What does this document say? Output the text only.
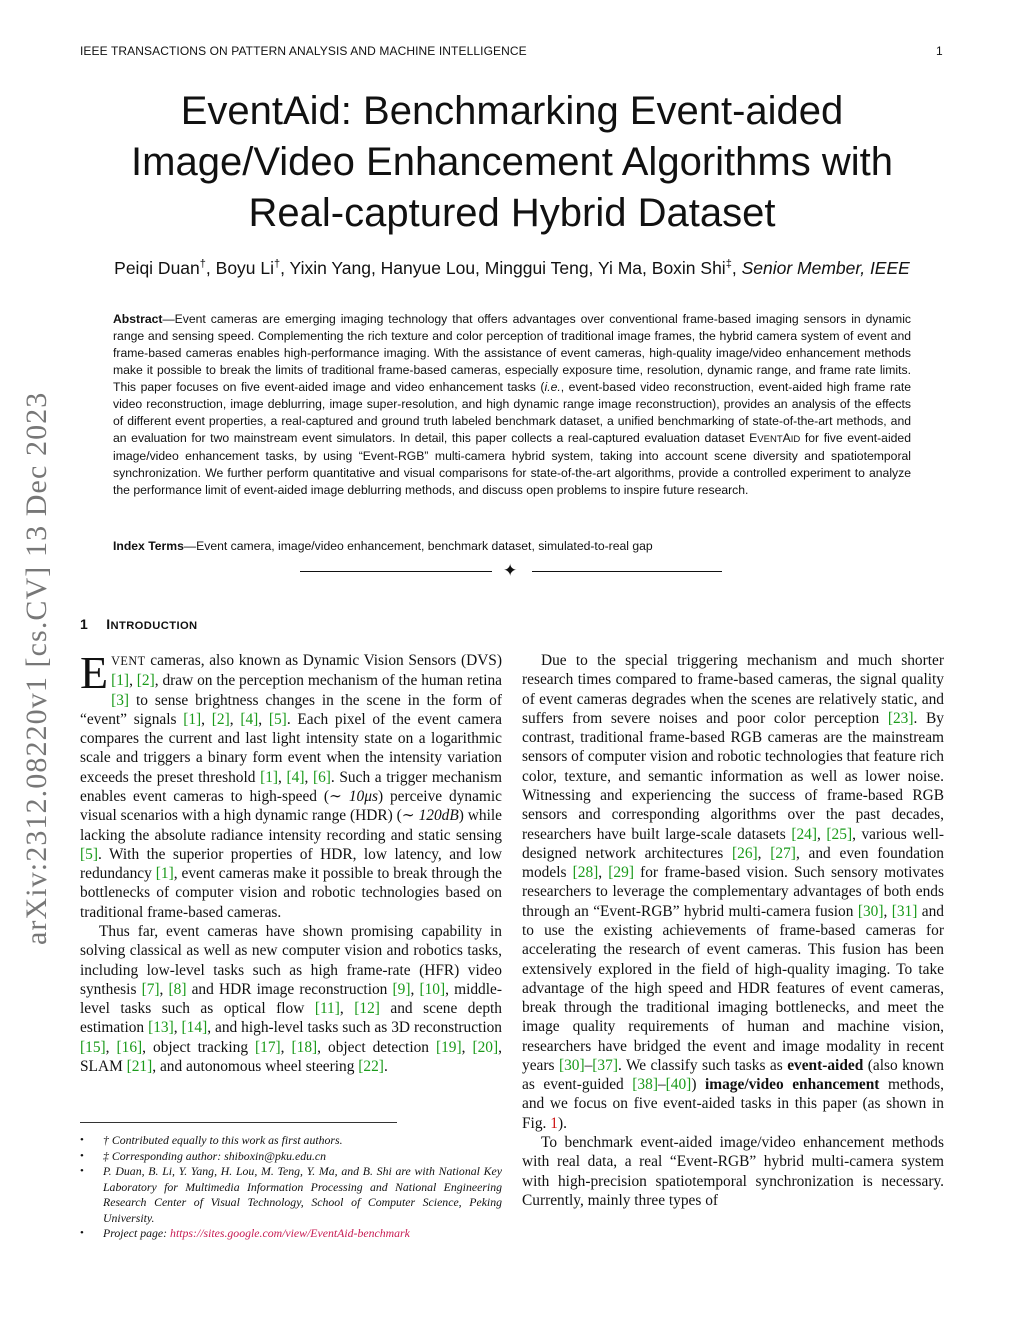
IEEE TRANSACTIONS ON PATTERN ANALYSIS AND MACHINE INTELLIGENCE	1
EventAid: Benchmarking Event-aided
Image/Video Enhancement Algorithms with
Real-captured Hybrid Dataset
Peiqi Duan†, Boyu Li†, Yixin Yang, Hanyue Lou, Minggui Teng, Yi Ma, Boxin Shi‡, Senior Member, IEEE
Abstract—Event cameras are emerging imaging technology that offers advantages over conventional frame-based imaging sensors in dynamic range and sensing speed. Complementing the rich texture and color perception of traditional image frames, the hybrid camera system of event and frame-based cameras enables high-performance imaging. With the assistance of event cameras, high-quality image/video enhancement methods make it possible to break the limits of traditional frame-based cameras, especially exposure time, resolution, dynamic range, and frame rate limits. This paper focuses on five event-aided image and video enhancement tasks (i.e., event-based video reconstruction, event-aided high frame rate video reconstruction, image deblurring, image super-resolution, and high dynamic range image reconstruction), provides an analysis of the effects of different event properties, a real-captured and ground truth labeled benchmark dataset, a unified benchmarking of state-of-the-art methods, and an evaluation for two mainstream event simulators. In detail, this paper collects a real-captured evaluation dataset EVENTAID for five event-aided image/video enhancement tasks, by using “Event-RGB” multi-camera hybrid system, taking into account scene diversity and spatiotemporal synchronization. We further perform quantitative and visual comparisons for state-of-the-art algorithms, provide a controlled experiment to analyze the performance limit of event-aided image deblurring methods, and discuss open problems to inspire future research.
Index Terms—Event camera, image/video enhancement, benchmark dataset, simulated-to-real gap
✦
arXiv:2312.08220v1 [cs.CV] 13 Dec 2023 1 INTRODUCTION

EVENT cameras, also known as Dynamic Vision Sensors (DVS) [1], [2], draw on the perception mechanism of the human retina [3] to sense brightness changes in the scene in the form of “event” signals [1], [2], [4], [5]. Each pixel of the event camera compares the current and last light intensity state on a logarithmic scale and triggers a binary form event when the intensity variation exceeds the preset threshold [1], [4], [6]. Such a trigger mechanism enables event cameras to high-speed (∼ 10μs) perceive dynamic visual scenarios with a high dynamic range (HDR) (∼ 120dB) while lacking the absolute radiance intensity recording and static sensing [5]. With the superior properties of HDR, low latency, and low redundancy [1], event cameras make it possible to break through the bottlenecks of computer vision and robotic technologies based on traditional frame-based cameras.

Thus far, event cameras have shown promising capability in solving classical as well as new computer vision and robotics tasks, including low-level tasks such as high frame-rate (HFR) video synthesis [7], [8] and HDR image reconstruction [9], [10], middle-level tasks such as optical flow [11], [12] and scene depth estimation [13], [14], and high-level tasks such as 3D reconstruction [15], [16], object tracking [17], [18], object detection [19], [20], SLAM [21], and autonomous wheel steering [22].

Due to the special triggering mechanism and much shorter research times compared to frame-based cameras, the signal quality of event cameras degrades when the scenes are relatively static, and suffers from severe noises and poor color perception [23]. By contrast, traditional frame-based RGB cameras are the mainstream sensors of computer vision and robotic technologies that feature rich color, texture, and semantic information as well as lower noise. Witnessing and experiencing the success of frame-based RGB sensors and corresponding algorithms over the past decades, researchers have built large-scale datasets [24], [25], various well-designed network architectures [26], [27], and even foundation models [28], [29] for frame-based vision. Such sensory motivates researchers to leverage the complementary advantages of both ends through an “Event-RGB” hybrid multi-camera fusion [30], [31] and to use the existing achievements of frame-based cameras for accelerating the research of event cameras. This fusion has been extensively explored in the field of high-quality imaging. To take advantage of the high speed and HDR features of event cameras, break through the traditional imaging bottlenecks, and meet the image quality requirements of human and machine vision, researchers have bridged the event and image modality in recent years [30]–[37]. We classify such tasks as event-aided (also known as event-guided [38]–[40]) image/video enhancement methods, and we focus on five event-aided tasks in this paper (as shown in Fig. 1).

To benchmark event-aided image/video enhancement methods with real data, a real “Event-RGB” hybrid multi-camera system with high-precision spatiotemporal synchronization is necessary. Currently, mainly three types of

• † Contributed equally to this work as first authors.
• ‡ Corresponding author: shiboxin@pku.edu.cn
• P. Duan, B. Li, Y. Yang, H. Lou, M. Teng, Y. Ma, and B. Shi are with National Key Laboratory for Multimedia Information Processing and National Engineering Research Center of Visual Technology, School of Computer Science, Peking University.
• Project page: https://sites.google.com/view/EventAid-benchmark
